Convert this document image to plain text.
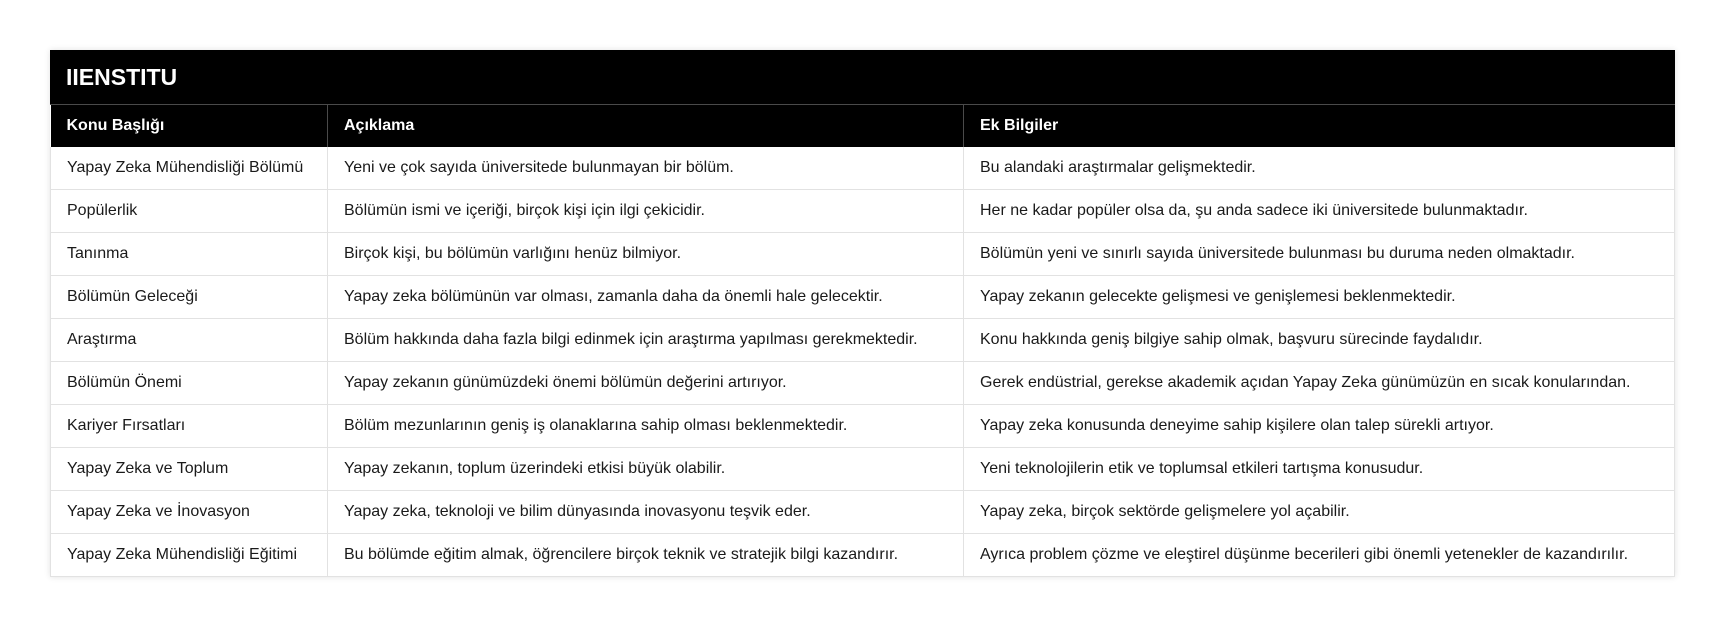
IIENSTITU
Konu Başlığı	Açıklama	Ek Bilgiler
Yapay Zeka Mühendisliği Bölümü	Yeni ve çok sayıda üniversitede bulunmayan bir bölüm.	Bu alandaki araştırmalar gelişmektedir.
Popülerlik	Bölümün ismi ve içeriği, birçok kişi için ilgi çekicidir.	Her ne kadar popüler olsa da, şu anda sadece iki üniversitede bulunmaktadır.
Tanınma	Birçok kişi, bu bölümün varlığını henüz bilmiyor.	Bölümün yeni ve sınırlı sayıda üniversitede bulunması bu duruma neden olmaktadır.
Bölümün Geleceği	Yapay zeka bölümünün var olması, zamanla daha da önemli hale gelecektir.	Yapay zekanın gelecekte gelişmesi ve genişlemesi beklenmektedir.
Araştırma	Bölüm hakkında daha fazla bilgi edinmek için araştırma yapılması gerekmektedir.	Konu hakkında geniş bilgiye sahip olmak, başvuru sürecinde faydalıdır.
Bölümün Önemi	Yapay zekanın günümüzdeki önemi bölümün değerini artırıyor.	Gerek endüstrial, gerekse akademik açıdan Yapay Zeka günümüzün en sıcak konularından.
Kariyer Fırsatları	Bölüm mezunlarının geniş iş olanaklarına sahip olması beklenmektedir.	Yapay zeka konusunda deneyime sahip kişilere olan talep sürekli artıyor.
Yapay Zeka ve Toplum	Yapay zekanın, toplum üzerindeki etkisi büyük olabilir.	Yeni teknolojilerin etik ve toplumsal etkileri tartışma konusudur.
Yapay Zeka ve İnovasyon	Yapay zeka, teknoloji ve bilim dünyasında inovasyonu teşvik eder.	Yapay zeka, birçok sektörde gelişmelere yol açabilir.
Yapay Zeka Mühendisliği Eğitimi	Bu bölümde eğitim almak, öğrencilere birçok teknik ve stratejik bilgi kazandırır.	Ayrıca problem çözme ve eleştirel düşünme becerileri gibi önemli yetenekler de kazandırılır.
